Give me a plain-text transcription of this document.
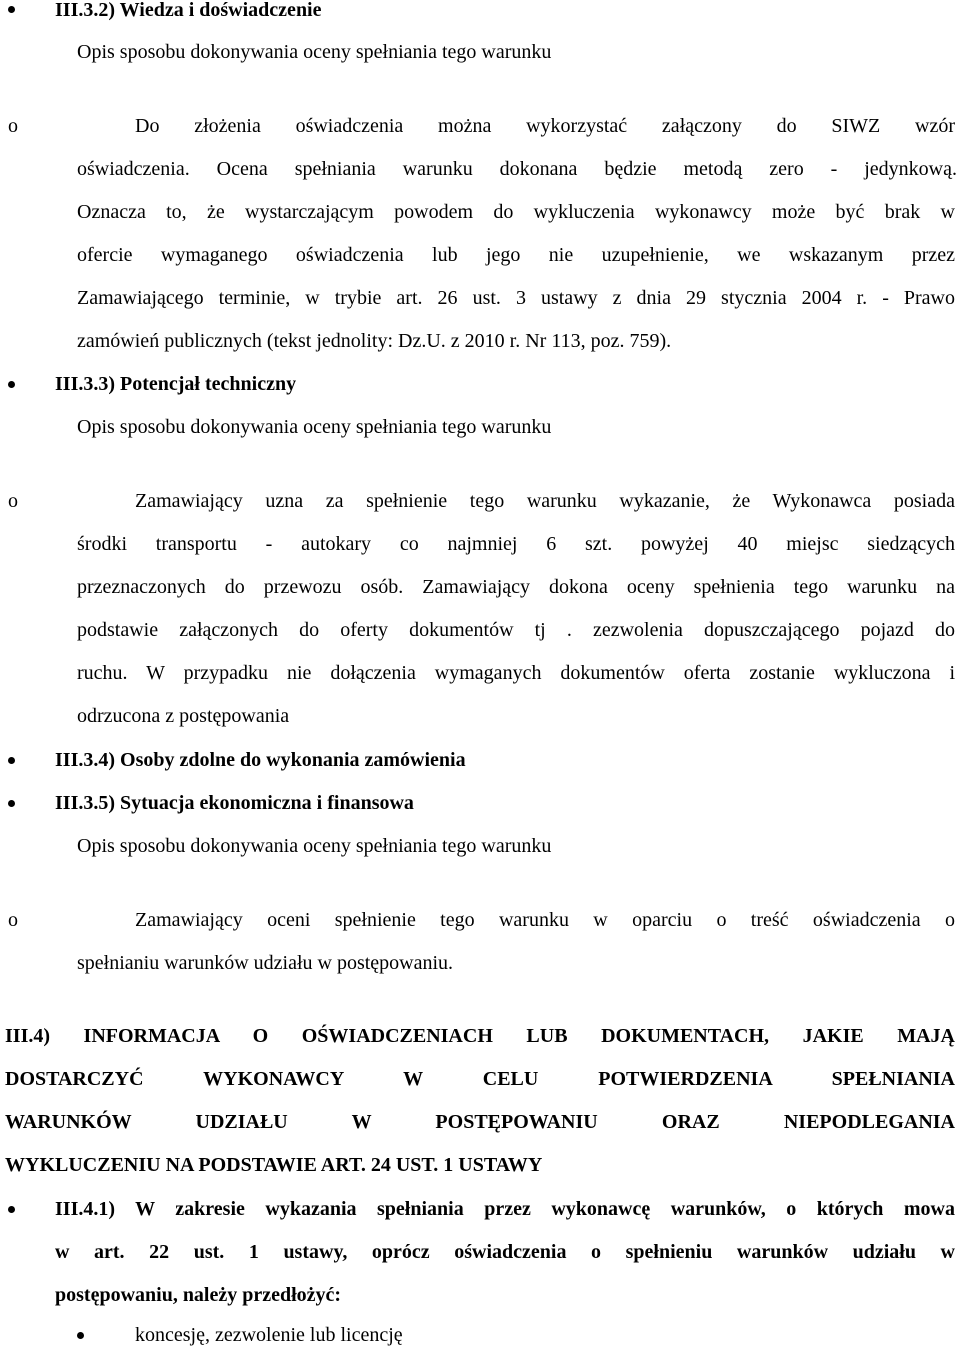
III.3.2) Wiedza i doświadczenie
Opis sposobu dokonywania oceny spełniania tego warunku
o	Do złożenia oświadczenia można wykorzystać załączony do SIWZ wzór
oświadczenia. Ocena spełniania warunku dokonana będzie metodą zero - jedynkową.
Oznacza to, że wystarczającym powodem do wykluczenia wykonawcy może być brak w
ofercie wymaganego oświadczenia lub jego nie uzupełnienie, we wskazanym przez
Zamawiającego terminie, w trybie art. 26 ust. 3 ustawy z dnia 29 stycznia 2004 r. - Prawo
zamówień publicznych (tekst jednolity: Dz.U. z 2010 r. Nr 113, poz. 759).
III.3.3) Potencjał techniczny
Opis sposobu dokonywania oceny spełniania tego warunku
o	Zamawiający uzna za spełnienie tego warunku wykazanie, że Wykonawca posiada
środki transportu - autokary co najmniej 6 szt. powyżej 40 miejsc siedzących
przeznaczonych do przewozu osób. Zamawiający dokona oceny spełnienia tego warunku na
podstawie załączonych do oferty dokumentów tj . zezwolenia dopuszczającego pojazd do
ruchu. W przypadku nie dołączenia wymaganych dokumentów oferta zostanie wykluczona i
odrzucona z postępowania
III.3.4) Osoby zdolne do wykonania zamówienia
III.3.5) Sytuacja ekonomiczna i finansowa
Opis sposobu dokonywania oceny spełniania tego warunku
o	Zamawiający oceni spełnienie tego warunku w oparciu o treść oświadczenia o
spełnianiu warunków udziału w postępowaniu.
III.4) INFORMACJA O OŚWIADCZENIACH LUB DOKUMENTACH, JAKIE MAJĄ
DOSTARCZYĆ WYKONAWCY W CELU POTWIERDZENIA SPEŁNIANIA
WARUNKÓW UDZIAŁU W POSTĘPOWANIU ORAZ NIEPODLEGANIA
WYKLUCZENIU NA PODSTAWIE ART. 24 UST. 1 USTAWY
III.4.1) W zakresie wykazania spełniania przez wykonawcę warunków, o których mowa
w art. 22 ust. 1 ustawy, oprócz oświadczenia o spełnieniu warunków udziału w
postępowaniu, należy przedłożyć:
koncesję, zezwolenie lub licencję
